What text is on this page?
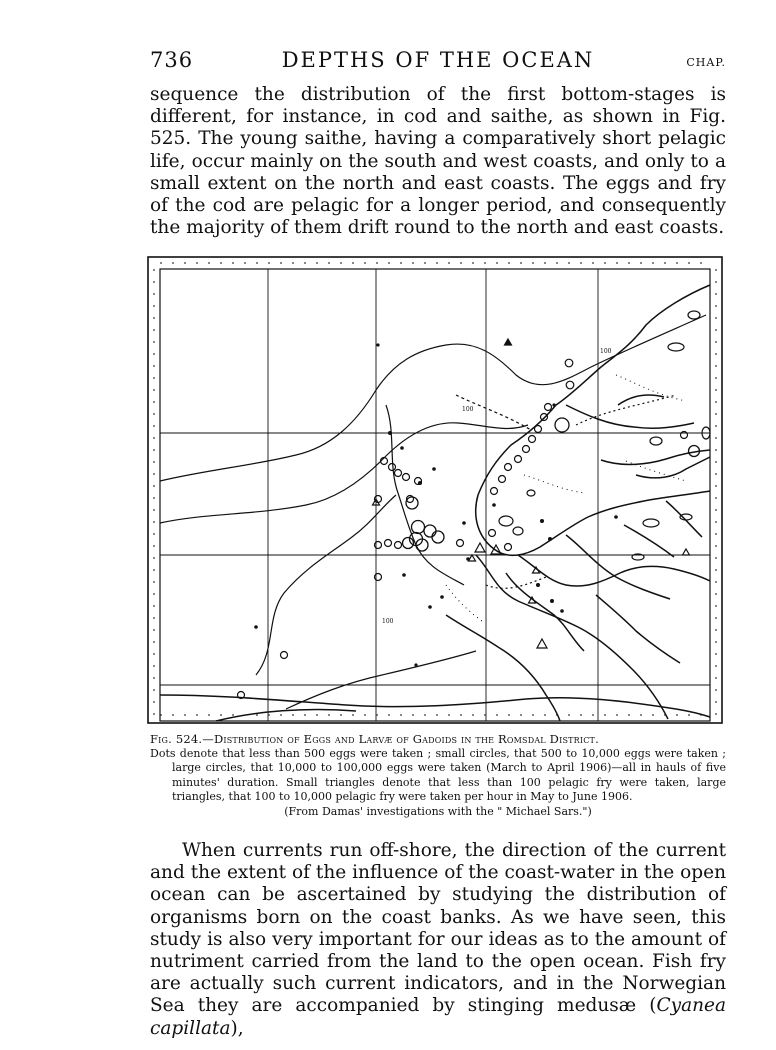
736	DEPTHS OF THE OCEAN	CHAP.

sequence the distribution of the first bottom-stages is different, for instance, in cod and saithe, as shown in Fig. 525. The young saithe, having a comparatively short pelagic life, occur mainly on the south and west coasts, and only to a small extent on the north and east coasts. The eggs and fry of the cod are pelagic for a longer period, and consequently the majority of them drift round to the north and east coasts.

100
100
100
Fig. 524.—Distribution of Eggs and Larvæ of Gadoids in the Romsdal District.
Dots denote that less than 500 eggs were taken ; small circles, that 500 to 10,000 eggs were taken ; large circles, that 10,000 to 100,000 eggs were taken (March to April 1906)—all in hauls of five minutes' duration. Small triangles denote that less than 100 pelagic fry were taken, large triangles, that 100 to 10,000 pelagic fry were taken per hour in May to June 1906.
(From Damas' investigations with the " Michael Sars.")

When currents run off-shore, the direction of the current and the extent of the influence of the coast-water in the open ocean can be ascertained by studying the distribution of organisms born on the coast banks. As we have seen, this study is also very important for our ideas as to the amount of nutriment carried from the land to the open ocean. Fish fry are actually such current indicators, and in the Norwegian Sea they are accompanied by stinging medusæ (Cyanea capillata),
